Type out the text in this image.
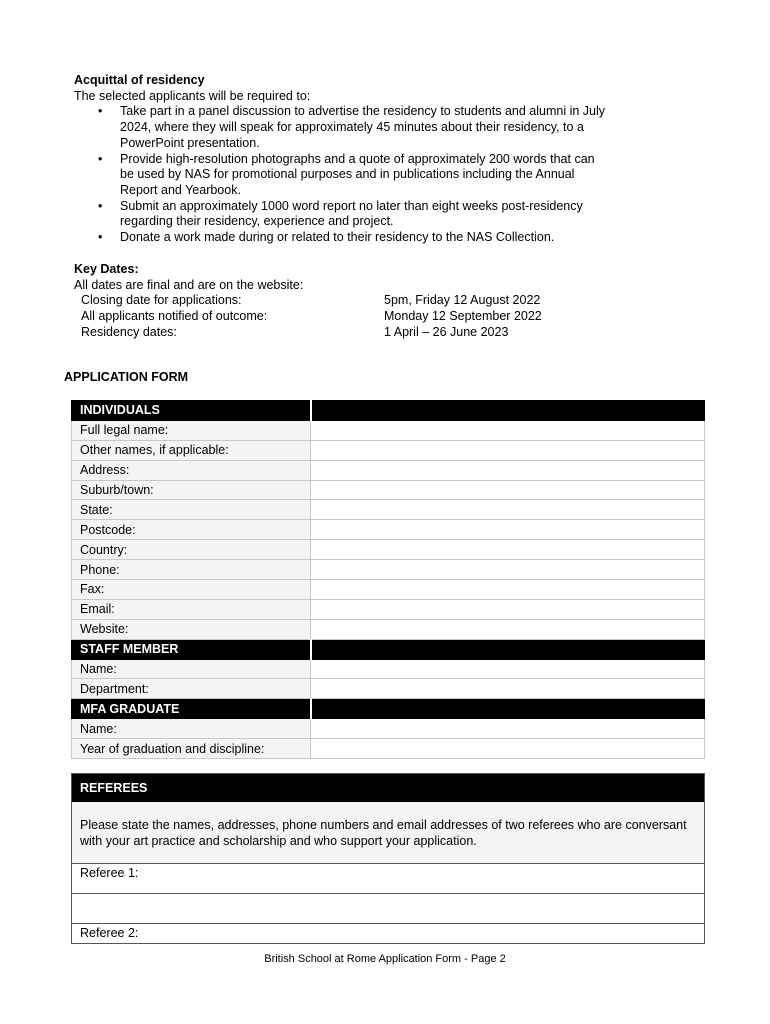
Acquittal of residency
The selected applicants will be required to:
• Take part in a panel discussion to advertise the residency to students and alumni in July
2024, where they will speak for approximately 45 minutes about their residency, to a
PowerPoint presentation.
• Provide high-resolution photographs and a quote of approximately 200 words that can
be used by NAS for promotional purposes and in publications including the Annual
Report and Yearbook.
• Submit an approximately 1000 word report no later than eight weeks post-residency
regarding their residency, experience and project.
• Donate a work made during or related to their residency to the NAS Collection.
Key Dates:
All dates are final and are on the website:
Closing date for applications:	5pm, Friday 12 August 2022
All applicants notified of outcome:	Monday 12 September 2022
Residency dates:	1 April – 26 June 2023
APPLICATION FORM
INDIVIDUALS	
Full legal name:	
Other names, if applicable:	
Address:	
Suburb/town:	
State:	
Postcode:	
Country:	
Phone:	
Fax:	
Email:	
Website:	
STAFF MEMBER	
Name:	
Department:	
MFA GRADUATE	
Name:	
Year of graduation and discipline:	
REFEREES
Please state the names, addresses, phone numbers and email addresses of two referees who are conversant with your art practice and scholarship and who support your application.
Referee 1:
Referee 2:
British School at Rome Application Form - Page 2
